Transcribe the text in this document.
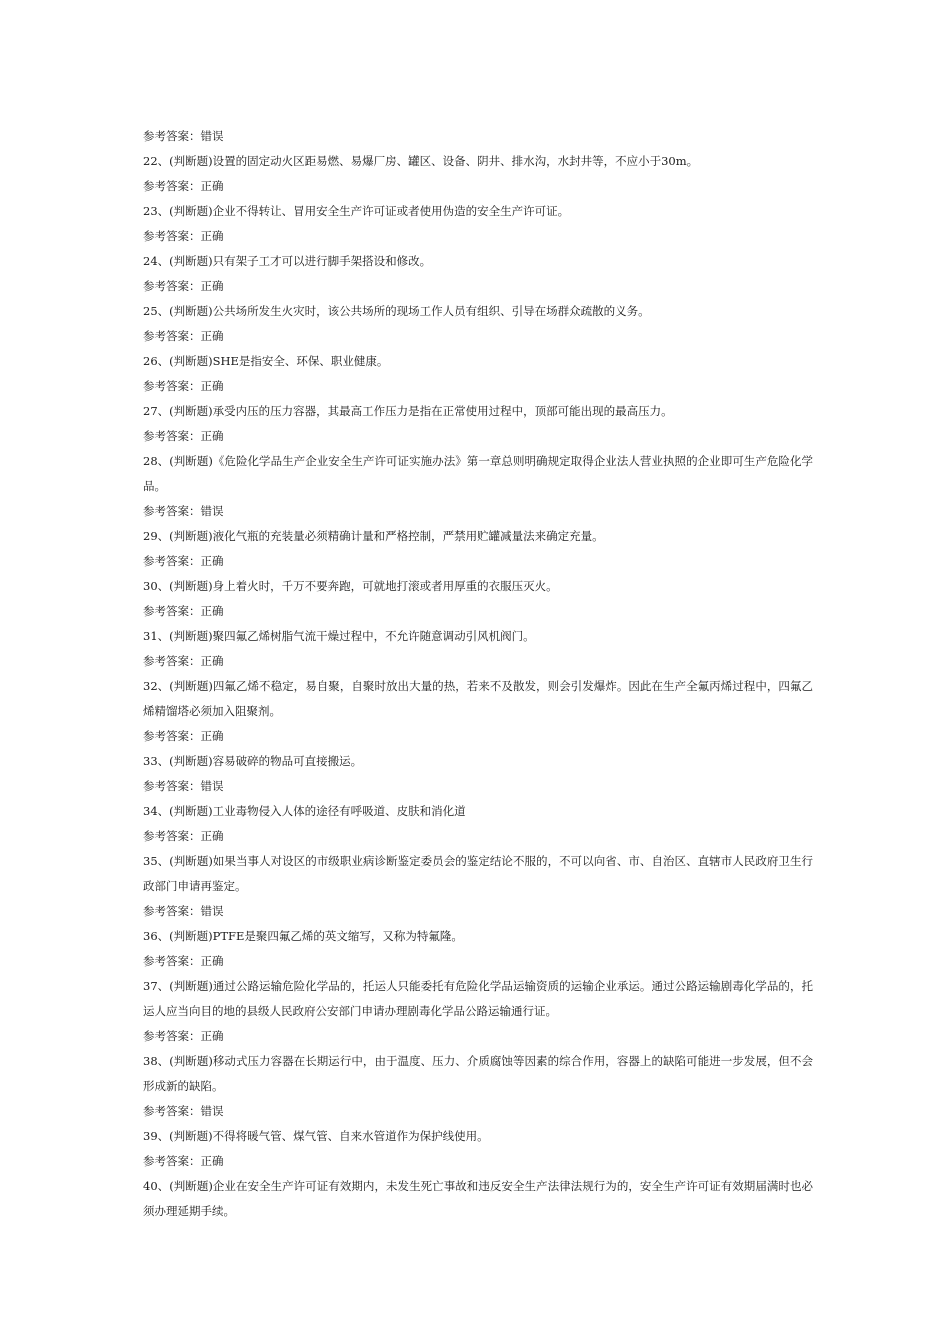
参考答案：错误
22、(判断题)设置的固定动火区距易燃、易爆厂房、罐区、设备、阴井、排水沟，水封井等，不应小于30m。
参考答案：正确
23、(判断题)企业不得转让、冒用安全生产许可证或者使用伪造的安全生产许可证。
参考答案：正确
24、(判断题)只有架子工才可以进行脚手架搭设和修改。
参考答案：正确
25、(判断题)公共场所发生火灾时，该公共场所的现场工作人员有组织、引导在场群众疏散的义务。
参考答案：正确
26、(判断题)SHE是指安全、环保、职业健康。
参考答案：正确
27、(判断题)承受内压的压力容器，其最高工作压力是指在正常使用过程中，顶部可能出现的最高压力。
参考答案：正确
28、(判断题)《危险化学品生产企业安全生产许可证实施办法》第一章总则明确规定取得企业法人营业执照的企业即可生产危险化学品。
参考答案：错误
29、(判断题)液化气瓶的充装量必须精确计量和严格控制，严禁用贮罐减量法来确定充量。
参考答案：正确
30、(判断题)身上着火时，千万不要奔跑，可就地打滚或者用厚重的衣服压灭火。
参考答案：正确
31、(判断题)聚四氟乙烯树脂气流干燥过程中，不允许随意调动引风机阀门。
参考答案：正确
32、(判断题)四氟乙烯不稳定，易自聚，自聚时放出大量的热，若来不及散发，则会引发爆炸。因此在生产全氟丙烯过程中，四氟乙烯精馏塔必须加入阻聚剂。
参考答案：正确
33、(判断题)容易破碎的物品可直接搬运。
参考答案：错误
34、(判断题)工业毒物侵入人体的途径有呼吸道、皮肤和消化道
参考答案：正确
35、(判断题)如果当事人对设区的市级职业病诊断鉴定委员会的鉴定结论不服的，不可以向省、市、自治区、直辖市人民政府卫生行政部门申请再鉴定。
参考答案：错误
36、(判断题)PTFE是聚四氟乙烯的英文缩写，又称为特氟隆。
参考答案：正确
37、(判断题)通过公路运输危险化学品的，托运人只能委托有危险化学品运输资质的运输企业承运。通过公路运输剧毒化学品的，托运人应当向目的地的县级人民政府公安部门申请办理剧毒化学品公路运输通行证。
参考答案：正确
38、(判断题)移动式压力容器在长期运行中，由于温度、压力、介质腐蚀等因素的综合作用，容器上的缺陷可能进一步发展，但不会形成新的缺陷。
参考答案：错误
39、(判断题)不得将暖气管、煤气管、自来水管道作为保护线使用。
参考答案：正确
40、(判断题)企业在安全生产许可证有效期内，未发生死亡事故和违反安全生产法律法规行为的，安全生产许可证有效期届满时也必须办理延期手续。
